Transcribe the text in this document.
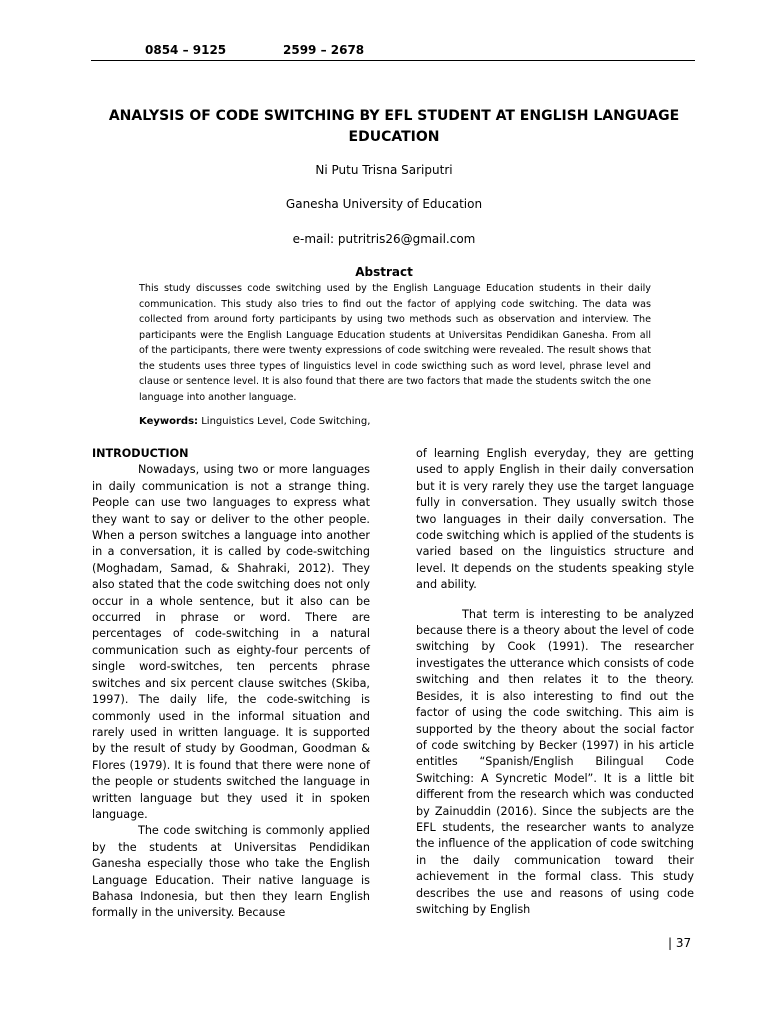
0854 – 9125	2599 – 2678
ANALYSIS OF CODE SWITCHING BY EFL STUDENT AT ENGLISH LANGUAGE EDUCATION
Ni Putu Trisna Sariputri
Ganesha University of Education
e-mail: putritris26@gmail.com
Abstract
This study discusses code switching used by the English Language Education students in their daily communication. This study also tries to find out the factor of applying code switching. The data was collected from around forty participants by using two methods such as observation and interview. The participants were the English Language Education students at Universitas Pendidikan Ganesha. From all of the participants, there were twenty expressions of code switching were revealed. The result shows that the students uses three types of linguistics level in code swicthing such as word level, phrase level and clause or sentence level. It is also found that there are two factors that made the students switch the one language into another language.
Keywords: Linguistics Level, Code Switching,

INTRODUCTION

Nowadays, using two or more languages in daily communication is not a strange thing. People can use two languages to express what they want to say or deliver to the other people. When a person switches a language into another in a conversation, it is called by code-switching (Moghadam, Samad, & Shahraki, 2012). They also stated that the code switching does not only occur in a whole sentence, but it also can be occurred in phrase or word. There are percentages of code-switching in a natural communication such as eighty-four percents of single word-switches, ten percents phrase switches and six percent clause switches (Skiba, 1997). The daily life, the code-switching is commonly used in the informal situation and rarely used in written language. It is supported by the result of study by Goodman, Goodman & Flores (1979). It is found that there were none of the people or students switched the language in written language but they used it in spoken language.

The code switching is commonly applied by the students at Universitas Pendidikan Ganesha especially those who take the English Language Education. Their native language is Bahasa Indonesia, but then they learn English formally in the university. Because

of learning English everyday, they are getting used to apply English in their daily conversation but it is very rarely they use the target language fully in conversation. They usually switch those two languages in their daily conversation. The code switching which is applied of the students is varied based on the linguistics structure and level. It depends on the students speaking style and ability.

That term is interesting to be analyzed because there is a theory about the level of code switching by Cook (1991). The researcher investigates the utterance which consists of code switching and then relates it to the theory. Besides, it is also interesting to find out the factor of using the code switching. This aim is supported by the theory about the social factor of code switching by Becker (1997) in his article entitles “Spanish/English Bilingual Code Switching: A Syncretic Model”. It is a little bit different from the research which was conducted by Zainuddin (2016). Since the subjects are the EFL students, the researcher wants to analyze the influence of the application of code switching in the daily communication toward their achievement in the formal class. This study describes the use and reasons of using code switching by English

| 37
